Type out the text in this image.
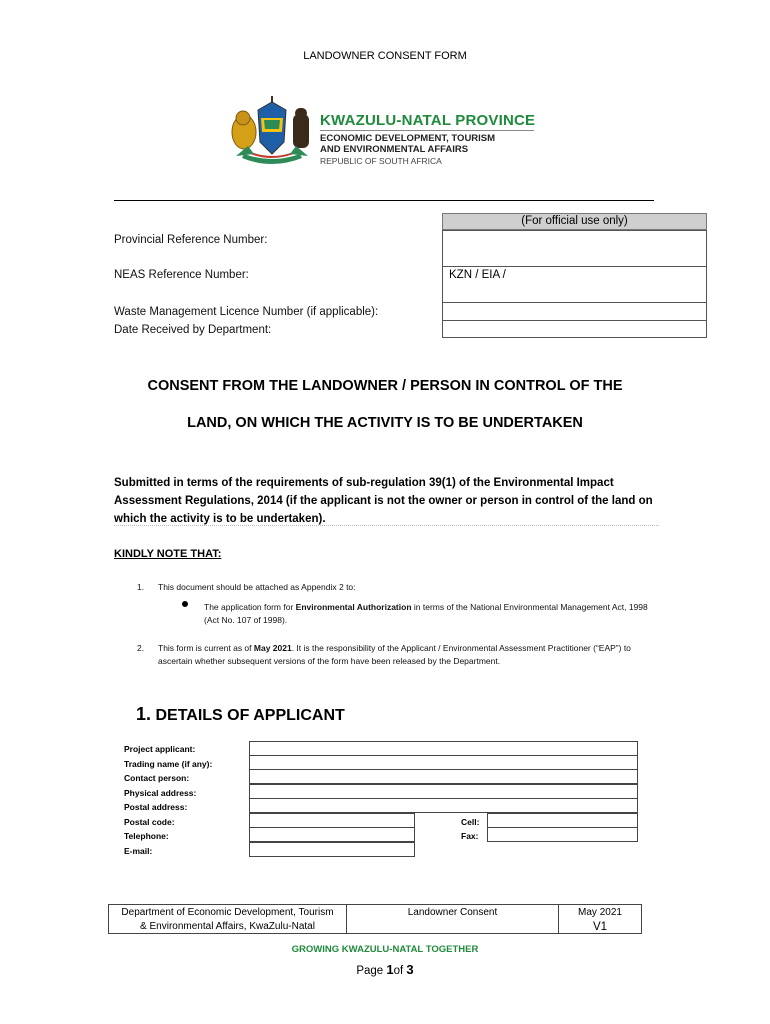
LANDOWNER CONSENT FORM
KWAZULU-NATAL PROVINCE
ECONOMIC DEVELOPMENT, TOURISM
AND ENVIRONMENTAL AFFAIRS
REPUBLIC OF SOUTH AFRICA
(For official use only)
Provincial Reference Number:
NEAS Reference Number:	KZN / EIA /
Waste Management Licence Number (if applicable):
Date Received by Department:
CONSENT FROM THE LANDOWNER / PERSON IN CONTROL OF THE
LAND, ON WHICH THE ACTIVITY IS TO BE UNDERTAKEN
Submitted in terms of the requirements of sub-regulation 39(1) of the Environmental Impact Assessment Regulations, 2014 (if the applicant is not the owner or person in control of the land on which the activity is to be undertaken).
KINDLY NOTE THAT:
1. This document should be attached as Appendix 2 to:
The application form for Environmental Authorization in terms of the National Environmental Management Act, 1998 (Act No. 107 of 1998).
2. This form is current as of May 2021. It is the responsibility of the Applicant / Environmental Assessment Practitioner (“EAP”) to ascertain whether subsequent versions of the form have been released by the Department.
1. DETAILS OF APPLICANT
Project applicant:
Trading name (if any):
Contact person:
Physical address:
Postal address:
Postal code:
Telephone:
E-mail:
Cell:
Fax:
Department of Economic Development, Tourism
& Environmental Affairs, KwaZulu-Natal
Landowner Consent	May 2021
V1
GROWING KWAZULU-NATAL TOGETHER
Page 1of 3
